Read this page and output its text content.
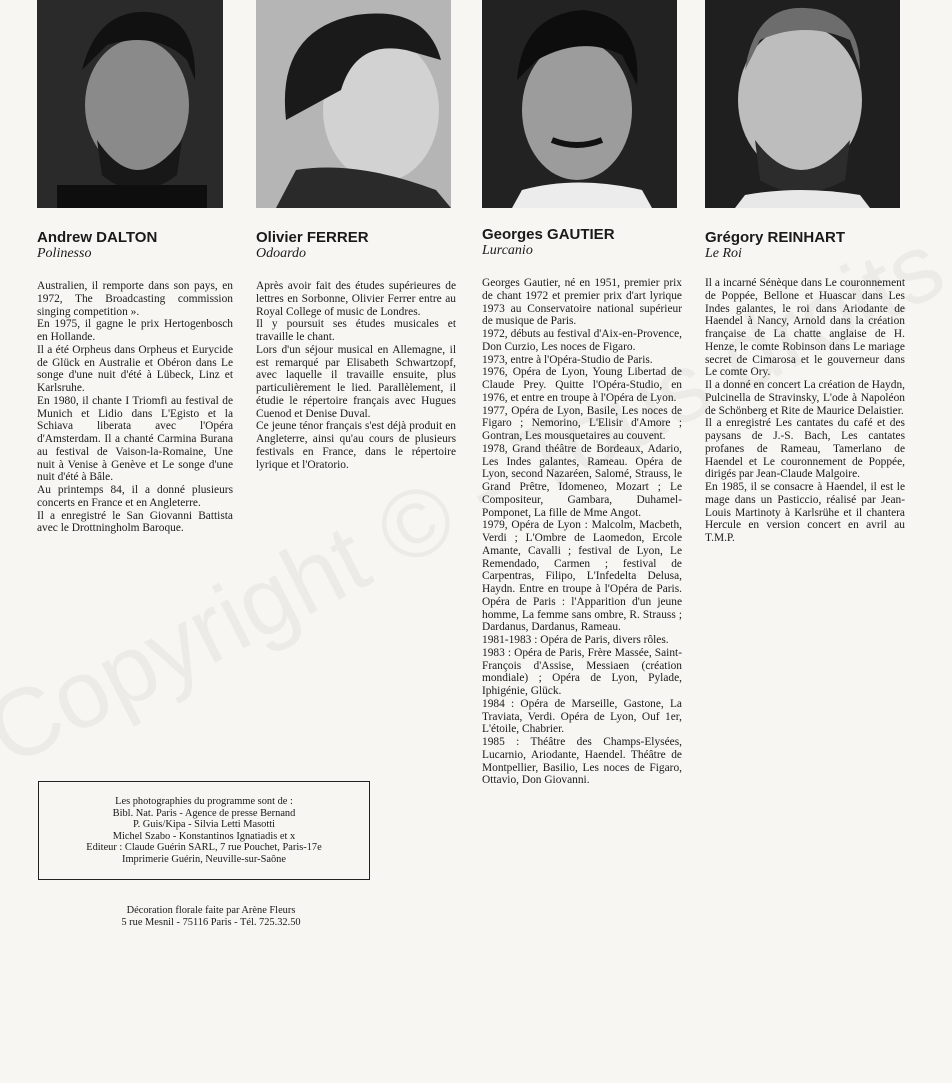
Andrew DALTON
Polinesso
Olivier FERRER
Odoardo
Georges GAUTIER
Lurcanio
Grégory REINHART
Le Roi

Australien, il remporte dans son pays, en 1972, The Broadcasting commission singing competition ».

En 1975, il gagne le prix Hertogenbosch en Hollande.

Il a été Orpheus dans Orpheus et Eurycide de Glück en Australie et Obéron dans Le songe d'une nuit d'été à Lübeck, Linz et Karlsruhe.

En 1980, il chante I Triomfi au festival de Munich et Lidio dans L'Egisto et la Schiava liberata avec l'Opéra d'Amsterdam. Il a chanté Carmina Burana au festival de Vaison-la-Romaine, Une nuit à Venise à Genève et Le songe d'une nuit d'été à Bâle.

Au printemps 84, il a donné plusieurs concerts en France et en Angleterre.

Il a enregistré le San Giovanni Battista avec le Drottningholm Baroque.

Après avoir fait des études supérieures de lettres en Sorbonne, Olivier Ferrer entre au Royal College of music de Londres.

Il y poursuit ses études musicales et travaille le chant.

Lors d'un séjour musical en Allemagne, il est remarqué par Elisabeth Schwartzopf, avec laquelle il travaille ensuite, plus particulièrement le lied. Parallèlement, il étudie le répertoire français avec Hugues Cuenod et Denise Duval.

Ce jeune ténor français s'est déjà produit en Angleterre, ainsi qu'au cours de plusieurs festivals en France, dans le répertoire lyrique et l'Oratorio.

Georges Gautier, né en 1951, premier prix de chant 1972 et premier prix d'art lyrique 1973 au Conservatoire national supérieur de musique de Paris.

1972, débuts au festival d'Aix-en-Provence, Don Curzio, Les noces de Figaro.

1973, entre à l'Opéra-Studio de Paris.

1976, Opéra de Lyon, Young Libertad de Claude Prey. Quitte l'Opéra-Studio, en 1976, et entre en troupe à l'Opéra de Lyon.

1977, Opéra de Lyon, Basile, Les noces de Figaro ; Nemorino, L'Elisir d'Amore ; Gontran, Les mousquetaires au couvent.

1978, Grand théâtre de Bordeaux, Adario, Les Indes galantes, Rameau. Opéra de Lyon, second Nazaréen, Salomé, Strauss, le Grand Prêtre, Idomeneo, Mozart ; Le Compositeur, Gambara, Duhamel-Pomponet, La fille de Mme Angot.

1979, Opéra de Lyon : Malcolm, Macbeth, Verdi ; L'Ombre de Laomedon, Ercole Amante, Cavalli ; festival de Lyon, Le Remendado, Carmen ; festival de Carpentras, Filipo, L'Infedelta Delusa, Haydn. Entre en troupe à l'Opéra de Paris. Opéra de Paris : l'Apparition d'un jeune homme, La femme sans ombre, R. Strauss ; Dardanus, Dardanus, Rameau.

1981-1983 : Opéra de Paris, divers rôles.

1983 : Opéra de Paris, Frère Massée, Saint-François d'Assise, Messiaen (création mondiale) ; Opéra de Lyon, Pylade, Iphigénie, Glück.

1984 : Opéra de Marseille, Gastone, La Traviata, Verdi. Opéra de Lyon, Ouf 1er, L'étoile, Chabrier.

1985 : Théâtre des Champs-Elysées, Lucarnio, Ariodante, Haendel. Théâtre de Montpellier, Basilio, Les noces de Figaro, Ottavio, Don Giovanni.

Il a incarné Sénèque dans Le couronnement de Poppée, Bellone et Huascar dans Les Indes galantes, le roi dans Ariodante de Haendel à Nancy, Arnold dans la création française de La chatte anglaise de H. Henze, le comte Robinson dans Le mariage secret de Cimarosa et le gouverneur dans Le comte Ory.

Il a donné en concert La création de Haydn, Pulcinella de Stravinsky, L'ode à Napoléon de Schönberg et Rite de Maurice Delaistier.

Il a enregistré Les cantates du café et des paysans de J.-S. Bach, Les cantates profanes de Rameau, Tamerlano de Haendel et Le couronnement de Poppée, dirigés par Jean-Claude Malgoire.

En 1985, il se consacre à Haendel, il est le mage dans un Pasticcio, réalisé par Jean-Louis Martinoty à Karlsrühe et il chantera Hercule en version concert en avril au T.M.P.

Les photographies du programme sont de :
Bibl. Nat. Paris - Agence de presse Bernand
P. Guis/Kipa - Silvia Letti Masotti
Michel Szabo - Konstantinos Ignatiadis et x
Editeur : Claude Guérin SARL, 7 rue Pouchet, Paris-17e
Imprimerie Guérin, Neuville-sur-Saône
Décoration florale faite par Arène Fleurs
5 rue Mesnil - 75116 Paris - Tél. 725.32.50
